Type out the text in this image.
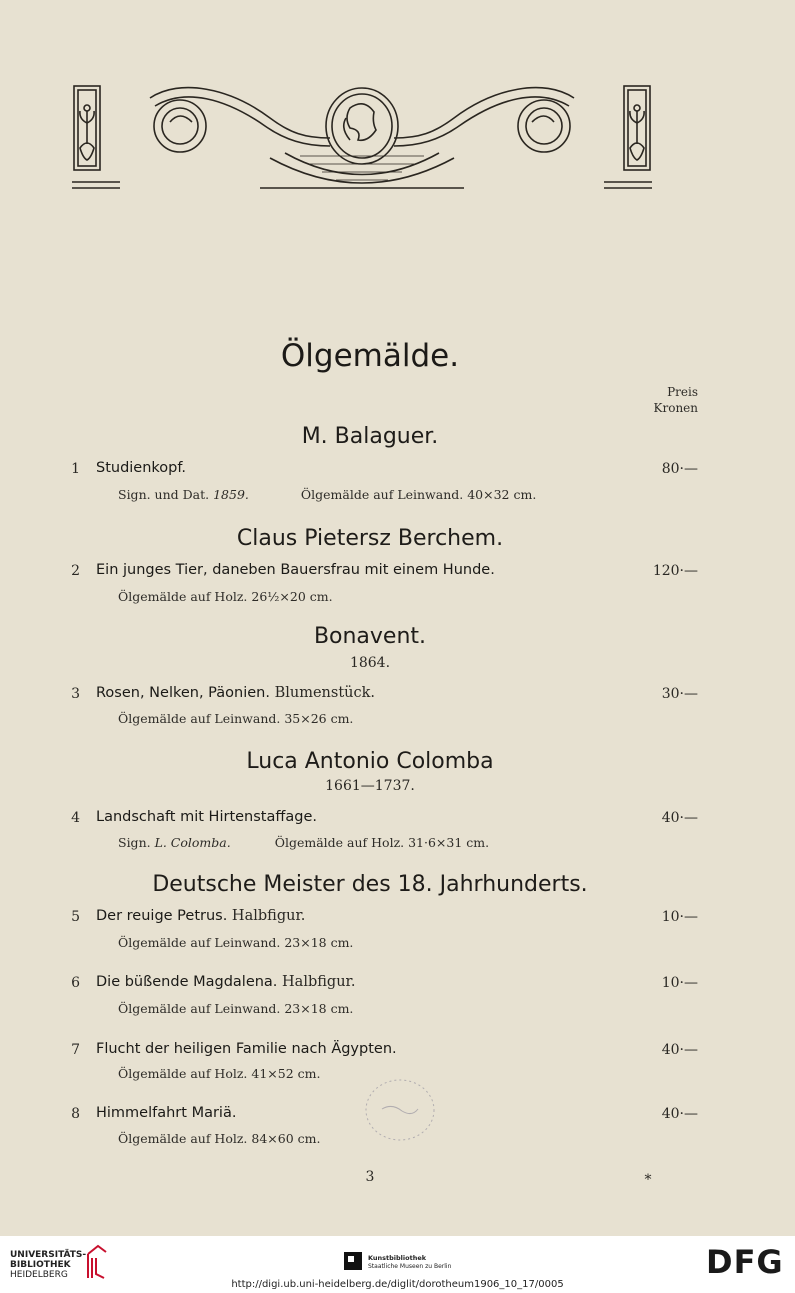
Ölgemälde.
Preis
Kronen
M. Balaguer.
1 Studienkopf.	80·—
Sign. und Dat. 1859.	Ölgemälde auf Leinwand. 40×32 cm.
Claus Pietersz Berchem.
2 Ein junges Tier, daneben Bauersfrau mit einem Hunde.	120·—
Ölgemälde auf Holz. 26½×20 cm.
Bonavent.
1864.
3 Rosen, Nelken, Päonien. Blumenstück.	30·—
Ölgemälde auf Leinwand. 35×26 cm.
Luca Antonio Colomba
1661—1737.
4 Landschaft mit Hirtenstaffage.	40·—
Sign. L. Colomba.	Ölgemälde auf Holz. 31·6×31 cm.
Deutsche Meister des 18. Jahrhunderts.
5 Der reuige Petrus. Halbfigur.	10·—
Ölgemälde auf Leinwand. 23×18 cm.
6 Die büßende Magdalena. Halbfigur.	10·—
Ölgemälde auf Leinwand. 23×18 cm.
7 Flucht der heiligen Familie nach Ägypten.	40·—
Ölgemälde auf Holz. 41×52 cm.
8 Himmelfahrt Mariä.	40·—
Ölgemälde auf Holz. 84×60 cm.
3	*
UNIVERSITÄTS-
BIBLIOTHEK
HEIDELBERG
Kunstbibliothek
Staatliche Museen zu Berlin	DFG
http://digi.ub.uni-heidelberg.de/diglit/dorotheum1906_10_17/0005
